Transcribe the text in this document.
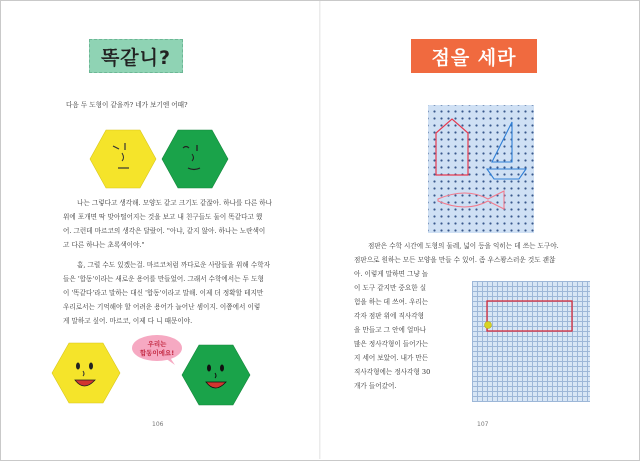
똑같니?

다음 두 도형이 같을까? 네가 보기엔 어때?

나는 그렇다고 생각해. 모양도 같고 크기도 같잖아. 하나를 다른 하나

위에 포개면 딱 맞아떨어지는 것을 보고 내 친구들도 둘이 똑같다고 했

어. 그런데 마르코의 생각은 달랐어. "아냐, 같지 않아. 하나는 노란색이

고 다른 하나는 초록색이야."

흠, 그럴 수도 있겠는걸. 마르코처럼 까다로운 사람들을 위해 수학자

들은 '합동'이라는 새로운 용어를 만들었어. 그래서 수학에서는 두 도형

이 '똑같다'라고 말하는 대신 '합동'이라고 말해. 이제 더 정확할 테지만

우리로서는 기억해야 할 어려운 용어가 늘어난 셈이지. 이쯤에서 이렇

게 말하고 싶어. 마르코, 이제 다 니 때문이야.

우리는
합동이에요!
106
점을 세라

점판은 수학 시간에 도형의 둘레, 넓이 등을 익히는 데 쓰는 도구야.

점판으로 원하는 모든 모양을 만들 수 있어. 좀 우스꽝스러운 것도 괜찮

아. 이렇게 말하면 그냥 놀

이 도구 같지만 중요한 실

험을 하는 데 쓰여. 우리는

각자 점판 위에 직사각형

을 만들고 그 안에 얼마나

많은 정사각형이 들어가는

지 세어 보았어. 내가 만든

직사각형에는 정사각형 30

개가 들어갔어.

107
